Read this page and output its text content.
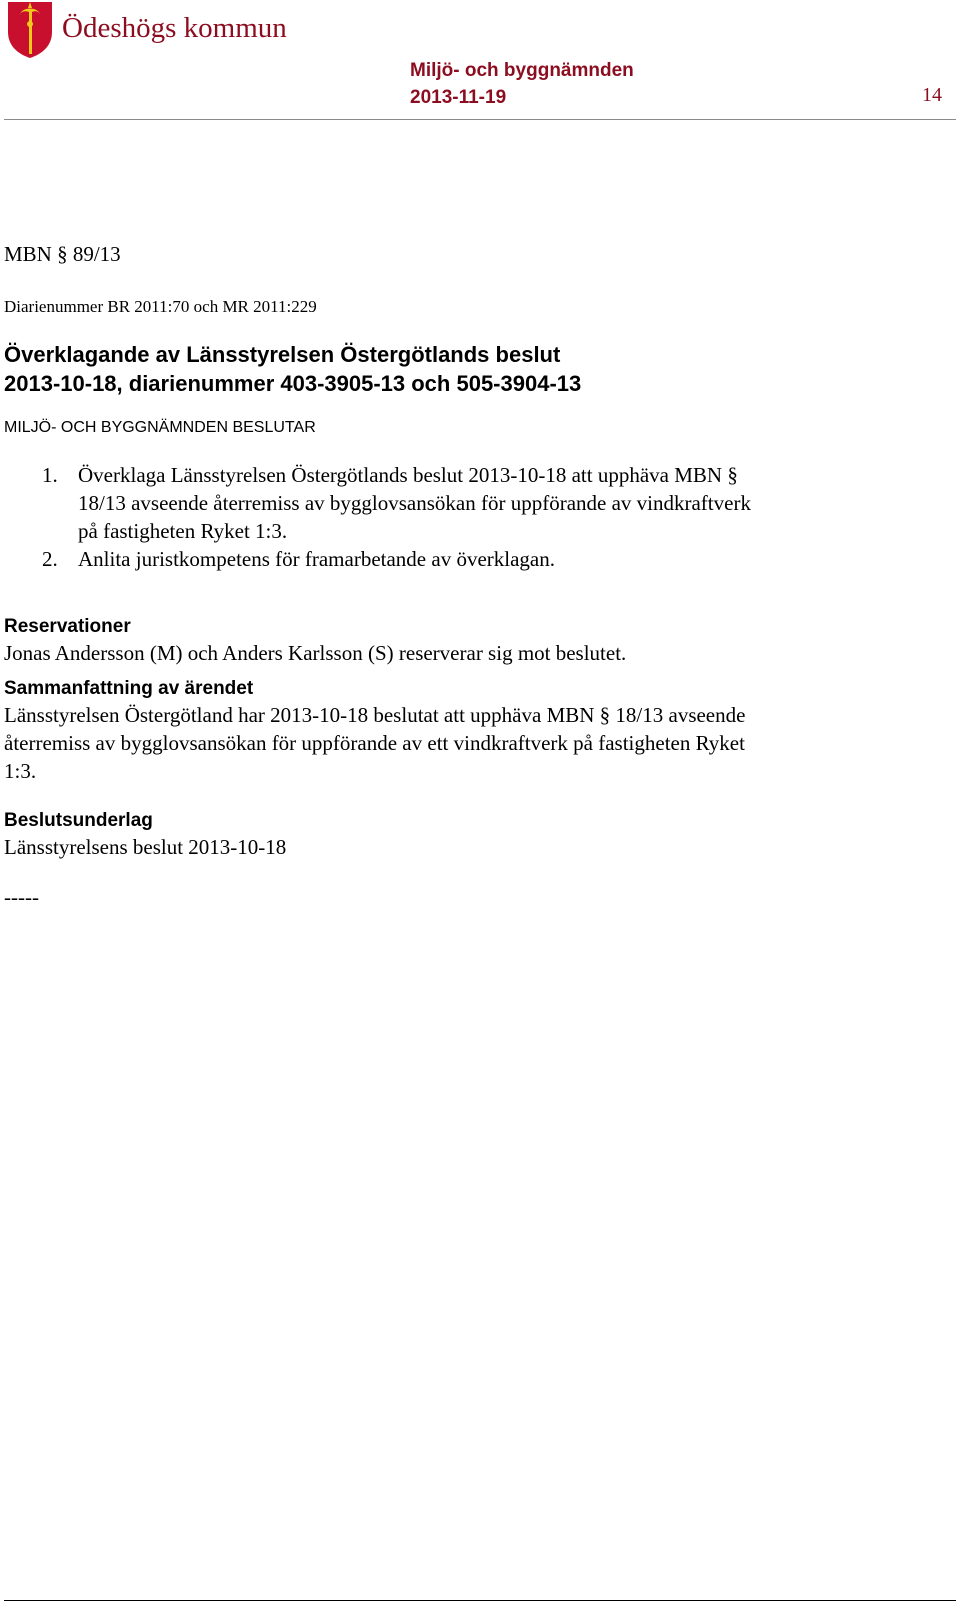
Ödeshögs kommun
Miljö- och byggnämnden
2013-11-19	14

MBN § 89/13

Diarienummer BR 2011:70 och MR 2011:229

Överklagande av Länsstyrelsen Östergötlands beslut
2013-10-18, diarienummer 403-3905-13 och 505-3904-13

MILJÖ- OCH BYGGNÄMNDEN BESLUTAR

1. Överklaga Länsstyrelsen Östergötlands beslut 2013-10-18 att upphäva MBN § 18/13 avseende återremiss av bygglovsansökan för uppförande av vindkraftverk på fastigheten Ryket 1:3.
2. Anlita juristkompetens för framarbetande av överklagan.

Reservationer

Jonas Andersson (M) och Anders Karlsson (S) reserverar sig mot beslutet.

Sammanfattning av ärendet

Länsstyrelsen Östergötland har 2013-10-18 beslutat att upphäva MBN § 18/13 avseende återremiss av bygglovsansökan för uppförande av ett vindkraftverk på fastigheten Ryket 1:3.

Beslutsunderlag

Länsstyrelsens beslut 2013-10-18

-----
